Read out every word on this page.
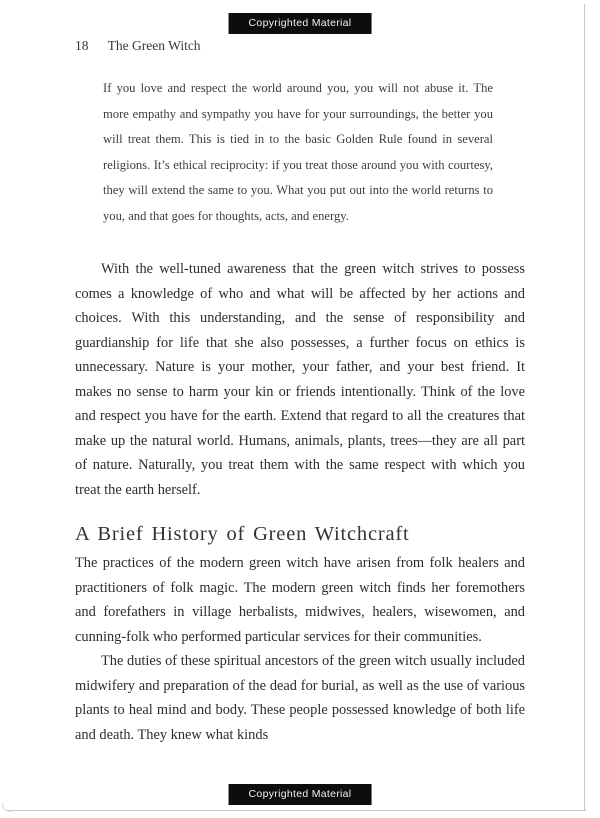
Copyrighted Material
18 The Green Witch

If you love and respect the world around you, you will not abuse it. The more empathy and sympathy you have for your surroundings, the better you will treat them. This is tied in to the basic Golden Rule found in several religions. It’s ethical reciprocity: if you treat those around you with courtesy, they will extend the same to you. What you put out into the world returns to you, and that goes for thoughts, acts, and energy.

With the well-tuned awareness that the green witch strives to possess comes a knowledge of who and what will be affected by her actions and choices. With this understanding, and the sense of responsibility and guardianship for life that she also possesses, a further focus on ethics is unnecessary. Nature is your mother, your father, and your best friend. It makes no sense to harm your kin or friends intentionally. Think of the love and respect you have for the earth. Extend that regard to all the creatures that make up the natural world. Humans, animals, plants, trees—they are all part of nature. Naturally, you treat them with the same respect with which you treat the earth herself.

A Brief History of Green Witchcraft

The practices of the modern green witch have arisen from folk healers and practitioners of folk magic. The modern green witch finds her foremothers and forefathers in village herbalists, midwives, healers, wisewomen, and cunning-folk who performed particular services for their communities.

The duties of these spiritual ancestors of the green witch usually included midwifery and preparation of the dead for burial, as well as the use of various plants to heal mind and body. These people possessed knowledge of both life and death. They knew what kinds

Copyrighted Material
